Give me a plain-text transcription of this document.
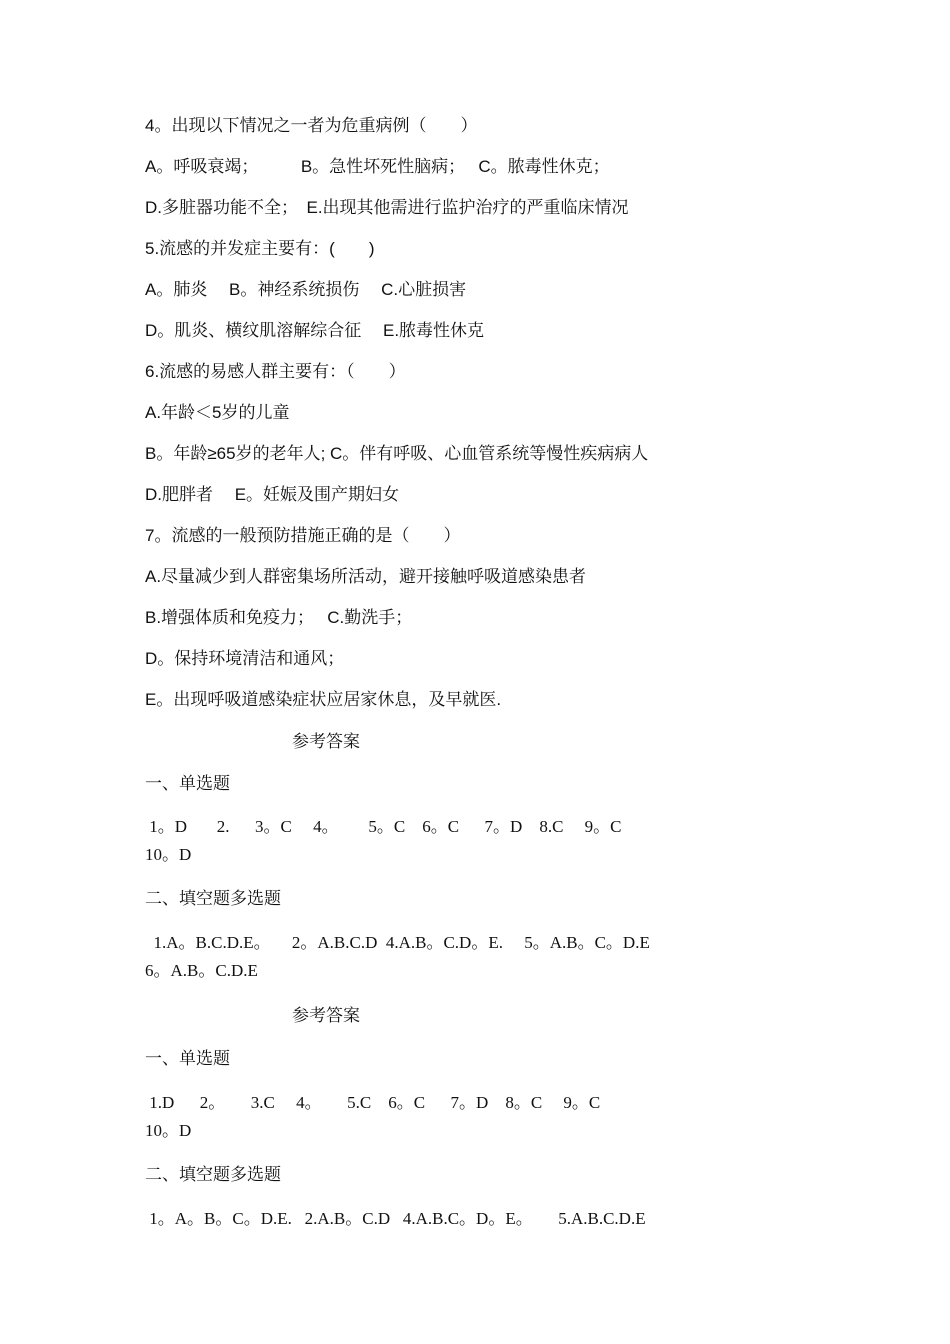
4。出现以下情况之一者为危重病例（　　）
A。呼吸衰竭；　　　B。急性坏死性脑病；　 C。脓毒性休克；
D.多脏器功能不全；　E.出现其他需进行监护治疗的严重临床情况
5.流感的并发症主要有：(　　)
A。肺炎　 B。神经系统损伤　 C.心脏损害
D。肌炎、横纹肌溶解综合征　 E.脓毒性休克
6.流感的易感人群主要有：（　　）
A.年龄＜5岁的儿童
B。年龄≥65岁的老年人; C。伴有呼吸、心血管系统等慢性疾病病人
D.肥胖者　 E。妊娠及围产期妇女
7。流感的一般预防措施正确的是（　　）
A.尽量减少到人群密集场所活动，避开接触呼吸道感染患者
B.增强体质和免疫力；　 C.勤洗手；
D。保持环境清洁和通风；
E。出现呼吸道感染症状应居家休息，及早就医.
参考答案
一、单选题
1。D       2.      3。C     4。       5。C    6。C      7。D    8.C     9。C
10。D
二、填空题多选题
1.A。B.C.D.E。     2。A.B.C.D  4.A.B。C.D。E.     5。A.B。C。D.E
6。A.B。C.D.E
参考答案
一、单选题
1.D      2。      3.C     4。      5.C    6。C      7。D    8。C     9。C
10。D
二、填空题多选题
1。A。B。C。D.E.   2.A.B。C.D   4.A.B.C。D。E。      5.A.B.C.D.E
